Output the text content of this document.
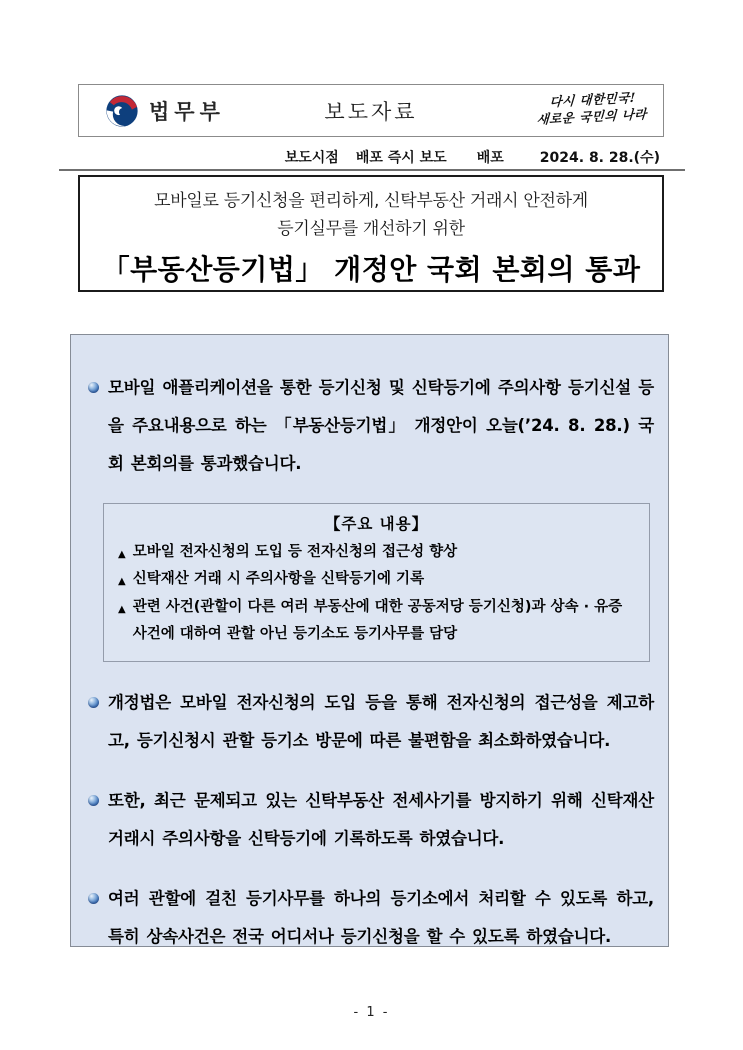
법무부	보도자료
다시 대한민국!
새로운 국민의 나라
보도시점 배포 즉시 보도 배포	2024. 8. 28.(수)
모바일로 등기신청을 편리하게, 신탁부동산 거래시 안전하게
등기실무를 개선하기 위한
「부동산등기법」 개정안 국회 본회의 통과
모바일 애플리케이션을 통한 등기신청 및 신탁등기에 주의사항 등기신설 등을 주요내용으로 하는 「부동산등기법」 개정안이 오늘(’24. 8. 28.) 국회 본회의를 통과했습니다.
【주요 내용】
▲ 모바일 전자신청의 도입 등 전자신청의 접근성 향상
▲ 신탁재산 거래 시 주의사항을 신탁등기에 기록
▲ 관련 사건(관할이 다른 여러 부동산에 대한 공동저당 등기신청)과 상속 · 유증 사건에 대하여 관할 아닌 등기소도 등기사무를 담당
개정법은 모바일 전자신청의 도입 등을 통해 전자신청의 접근성을 제고하고, 등기신청시 관할 등기소 방문에 따른 불편함을 최소화하였습니다.
또한, 최근 문제되고 있는 신탁부동산 전세사기를 방지하기 위해 신탁재산 거래시 주의사항을 신탁등기에 기록하도록 하였습니다.
여러 관할에 걸친 등기사무를 하나의 등기소에서 처리할 수 있도록 하고, 특히 상속사건은 전국 어디서나 등기신청을 할 수 있도록 하였습니다.
- 1 -
